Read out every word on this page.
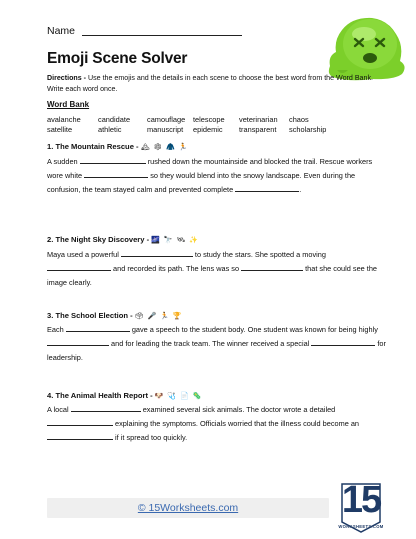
Name
Emoji Scene Solver
Directions - Use the emojis and the details in each scene to choose the best word from the Word Bank. Write each word once.
Word Bank
avalanche candidate camouflage telescope veterinarian chaos
satellite	athletic	manuscript epidemic transparent scholarship
1. The Mountain Rescue - 🏔 ❄ 🧥 🏃
A sudden	rushed down the mountainside and blocked the trail. Rescue workers wore white	so they would blend into the snowy landscape. Even during the confusion, the team stayed calm and prevented complete	.
2. The Night Sky Discovery - 🌌 🔭 🛰 ✨
Maya used a powerful	to study the stars. She spotted a moving  and recorded its path. The lens was so	that she could see the image clearly.
3. The School Election - 🗳 🎤 🏃 🏆
Each	gave a speech to the student body. One student was known for being highly  and for leading the track team. The winner received a special	for leadership.
4. The Animal Health Report - 🐶 🩺 📄 🦠
A local	examined several sick animals. The doctor wrote a detailed  explaining the symptoms. Officials worried that the illness could become an  if it spread too quickly.
© 15Worksheets.com	15
WORKSHEETS.COM
